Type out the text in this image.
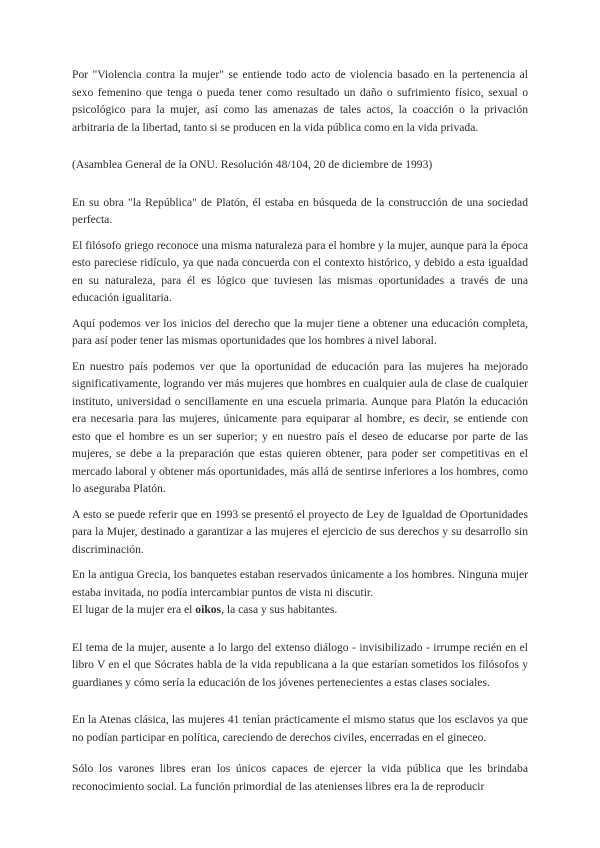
Por "Violencia contra la mujer" se entiende todo acto de violencia basado en la pertenencia al sexo femenino que tenga o pueda tener como resultado un daño o sufrimiento físico, sexual o psicológico para la mujer, así como las amenazas de tales actos, la coacción o la privación arbitraria de la libertad, tanto si se producen en la vida pública como en la vida privada.

(Asamblea General de la ONU. Resolución 48/104, 20 de diciembre de 1993)

En su obra "la República" de Platón, él estaba en búsqueda de la construcción de una sociedad perfecta.

El filósofo griego reconoce una misma naturaleza para el hombre y la mujer, aunque para la época esto pareciese ridículo, ya que nada concuerda con el contexto histórico, y debido a esta igualdad en su naturaleza, para él es lógico que tuviesen las mismas oportunidades a través de una educación igualitaria.

Aquí podemos ver los inicios del derecho que la mujer tiene a obtener una educación completa, para así poder tener las mismas oportunidades que los hombres a nivel laboral.

En nuestro país podemos ver que la oportunidad de educación para las mujeres ha mejorado significativamente, logrando ver más mujeres que hombres en cualquier aula de clase de cualquier instituto, universidad o sencillamente en una escuela primaria. Aunque para Platón la educación era necesaria para las mujeres, únicamente para equiparar al hombre, es decir, se entiende con esto que el hombre es un ser superior; y en nuestro país el deseo de educarse por parte de las mujeres, se debe a la preparación que estas quieren obtener, para poder ser competitivas en el mercado laboral y obtener más oportunidades, más allá de sentirse inferiores a los hombres, como lo aseguraba Platón.

A esto se puede referir que en 1993 se presentó el proyecto de Ley de Igualdad de Oportunidades para la Mujer, destinado a garantizar a las mujeres el ejercicio de sus derechos y su desarrollo sin discriminación.

En la antigua Grecia, los banquetes estaban reservados únicamente a los hombres. Ninguna mujer estaba invitada, no podía intercambiar puntos de vista ni discutir.

El lugar de la mujer era el oikos, la casa y sus habitantes.

El tema de la mujer, ausente a lo largo del extenso diálogo - invisibilizado - irrumpe recién en el libro V en el que Sócrates habla de la vida republicana a la que estarían sometidos los filósofos y guardianes y cómo sería la educación de los jóvenes pertenecientes a estas clases sociales.

En la Atenas clásica, las mujeres 41 tenían prácticamente el mismo status que los esclavos ya que no podían participar en política, careciendo de derechos civiles, encerradas en el gineceo.

Sólo los varones libres eran los únicos capaces de ejercer la vida pública que les brindaba reconocimiento social. La función primordial de las atenienses libres era la de reproducir
